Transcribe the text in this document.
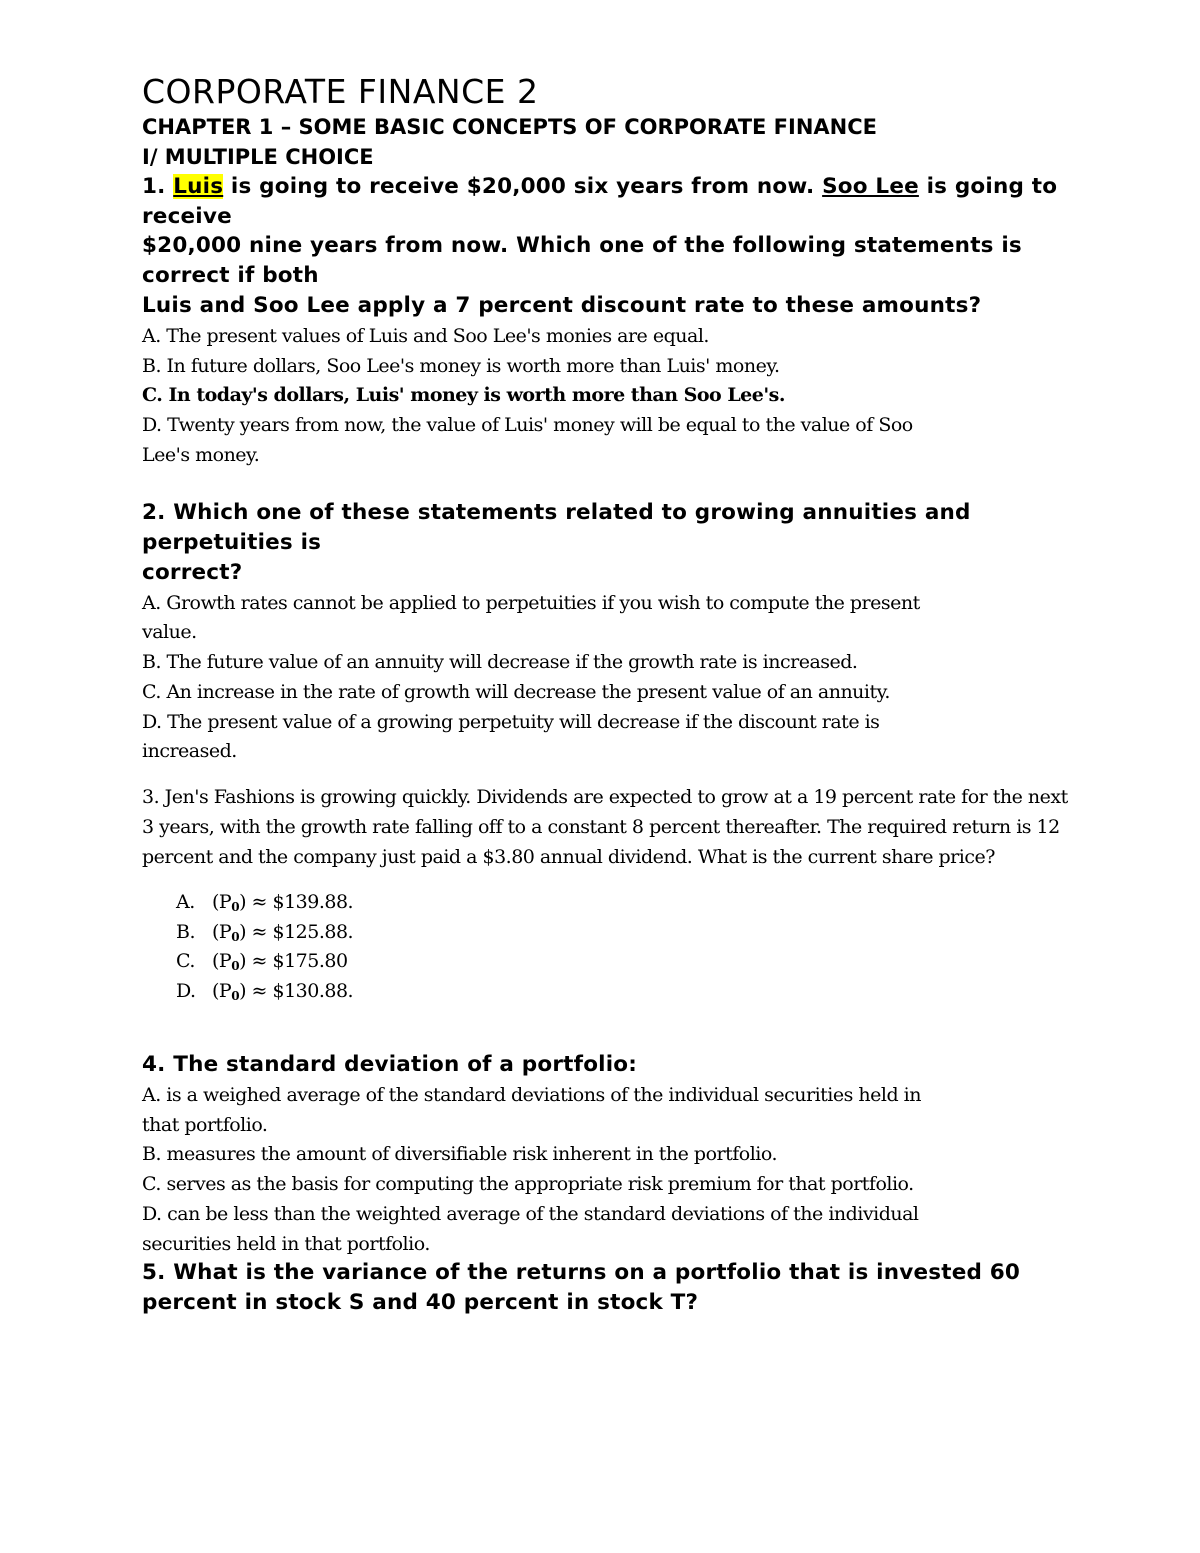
CORPORATE FINANCE 2
CHAPTER 1 – SOME BASIC CONCEPTS OF CORPORATE FINANCE
I/ MULTIPLE CHOICE
1. Luis is going to receive $20,000 six years from now. Soo Lee is going to
receive
$20,000 nine years from now. Which one of the following statements is
correct if both
Luis and Soo Lee apply a 7 percent discount rate to these amounts?
A. The present values of Luis and Soo Lee's monies are equal.
B. In future dollars, Soo Lee's money is worth more than Luis' money.
C. In today's dollars, Luis' money is worth more than Soo Lee's.
D. Twenty years from now, the value of Luis' money will be equal to the value of Soo
Lee's money.
2. Which one of these statements related to growing annuities and
perpetuities is
correct?
A. Growth rates cannot be applied to perpetuities if you wish to compute the present
value.
B. The future value of an annuity will decrease if the growth rate is increased.
C. An increase in the rate of growth will decrease the present value of an annuity.
D. The present value of a growing perpetuity will decrease if the discount rate is
increased.
3. Jen's Fashions is growing quickly. Dividends are expected to grow at a 19 percent rate for the next
3 years, with the growth rate falling off to a constant 8 percent thereafter. The required return is 12
percent and the company just paid a $3.80 annual dividend. What is the current share price?
A. $(P_0)$ ≈ $139.88.
B. $(P_0)$ ≈ $125.88.
C. $(P_0)$ ≈ $175.80
D. $(P_0)$ ≈ $130.88.
4. The standard deviation of a portfolio:
A. is a weighed average of the standard deviations of the individual securities held in
that portfolio.
B. measures the amount of diversifiable risk inherent in the portfolio.
C. serves as the basis for computing the appropriate risk premium for that portfolio.
D. can be less than the weighted average of the standard deviations of the individual
securities held in that portfolio.
5. What is the variance of the returns on a portfolio that is invested 60
percent in stock S and 40 percent in stock T?
